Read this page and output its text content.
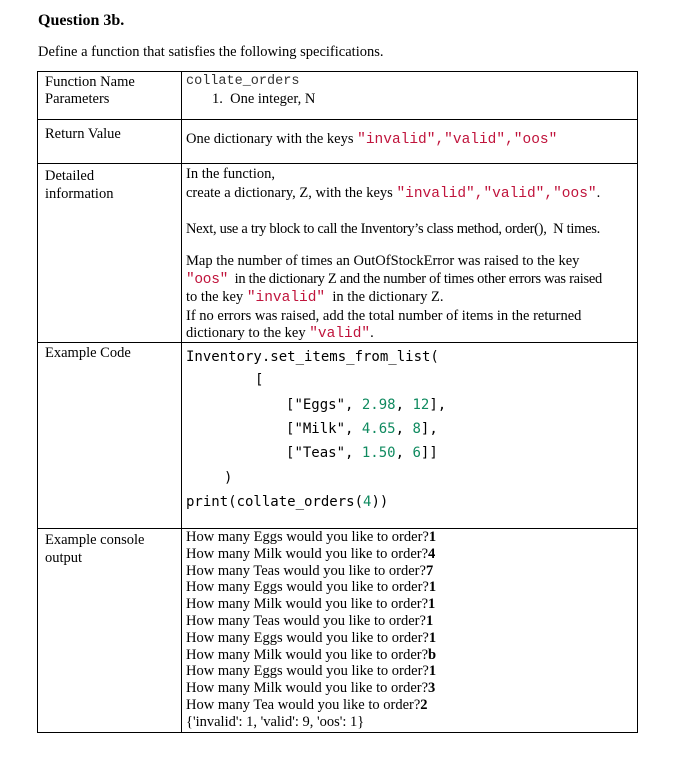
Question 3b.
Define a function that satisfies the following specifications.
Function Name
Parameters
collate_orders
1.  One integer, N
Return Value	One dictionary with the keys "invalid","valid","oos"
Detailed
information
In the function,
create a dictionary, Z, with the keys "invalid","valid","oos".
Next, use a try block to call the Inventory’s class method, order(),  N times.
Map the number of times an OutOfStockError was raised to the key
"oos"  in the dictionary Z and the number of times other errors was raised
to the key "invalid"  in the dictionary Z.
If no errors was raised, add the total number of items in the returned
dictionary to the key "valid".
Example Code	Inventory.set_items_from_list(
[
["Eggs", 2.98, 12],
["Milk", 4.65, 8],
["Teas", 1.50, 6]]
)
print(collate_orders(4))
Example console
output
How many Eggs would you like to order?1
How many Milk would you like to order?4
How many Teas would you like to order?7
How many Eggs would you like to order?1
How many Milk would you like to order?1
How many Teas would you like to order?1
How many Eggs would you like to order?1
How many Milk would you like to order?b
How many Eggs would you like to order?1
How many Milk would you like to order?3
How many Tea would you like to order?2
{'invalid': 1, 'valid': 9, 'oos': 1}
